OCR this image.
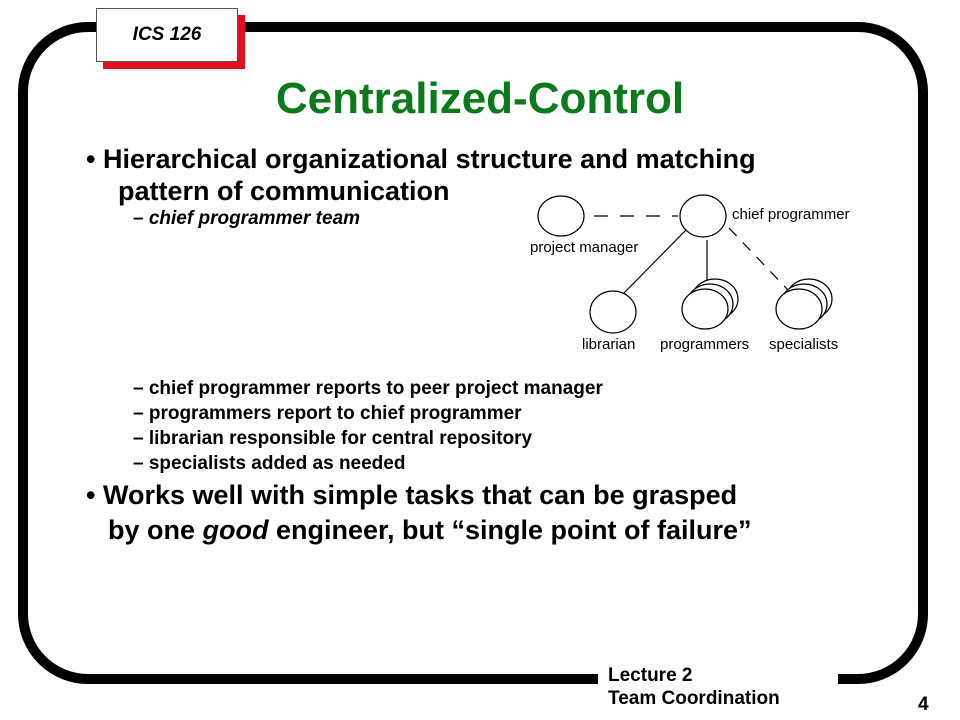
ICS 126
Centralized-Control
• Hierarchical organizational structure and matching
pattern of communication
– chief programmer team	chief programmer
project manager
librarian programmers specialists
– chief programmer reports to peer project manager
– programmers report to chief programmer
– librarian responsible for central repository
– specialists added as needed
• Works well with simple tasks that can be grasped
by one good engineer, but “single point of failure”
Lecture 2
Team Coordination	4
